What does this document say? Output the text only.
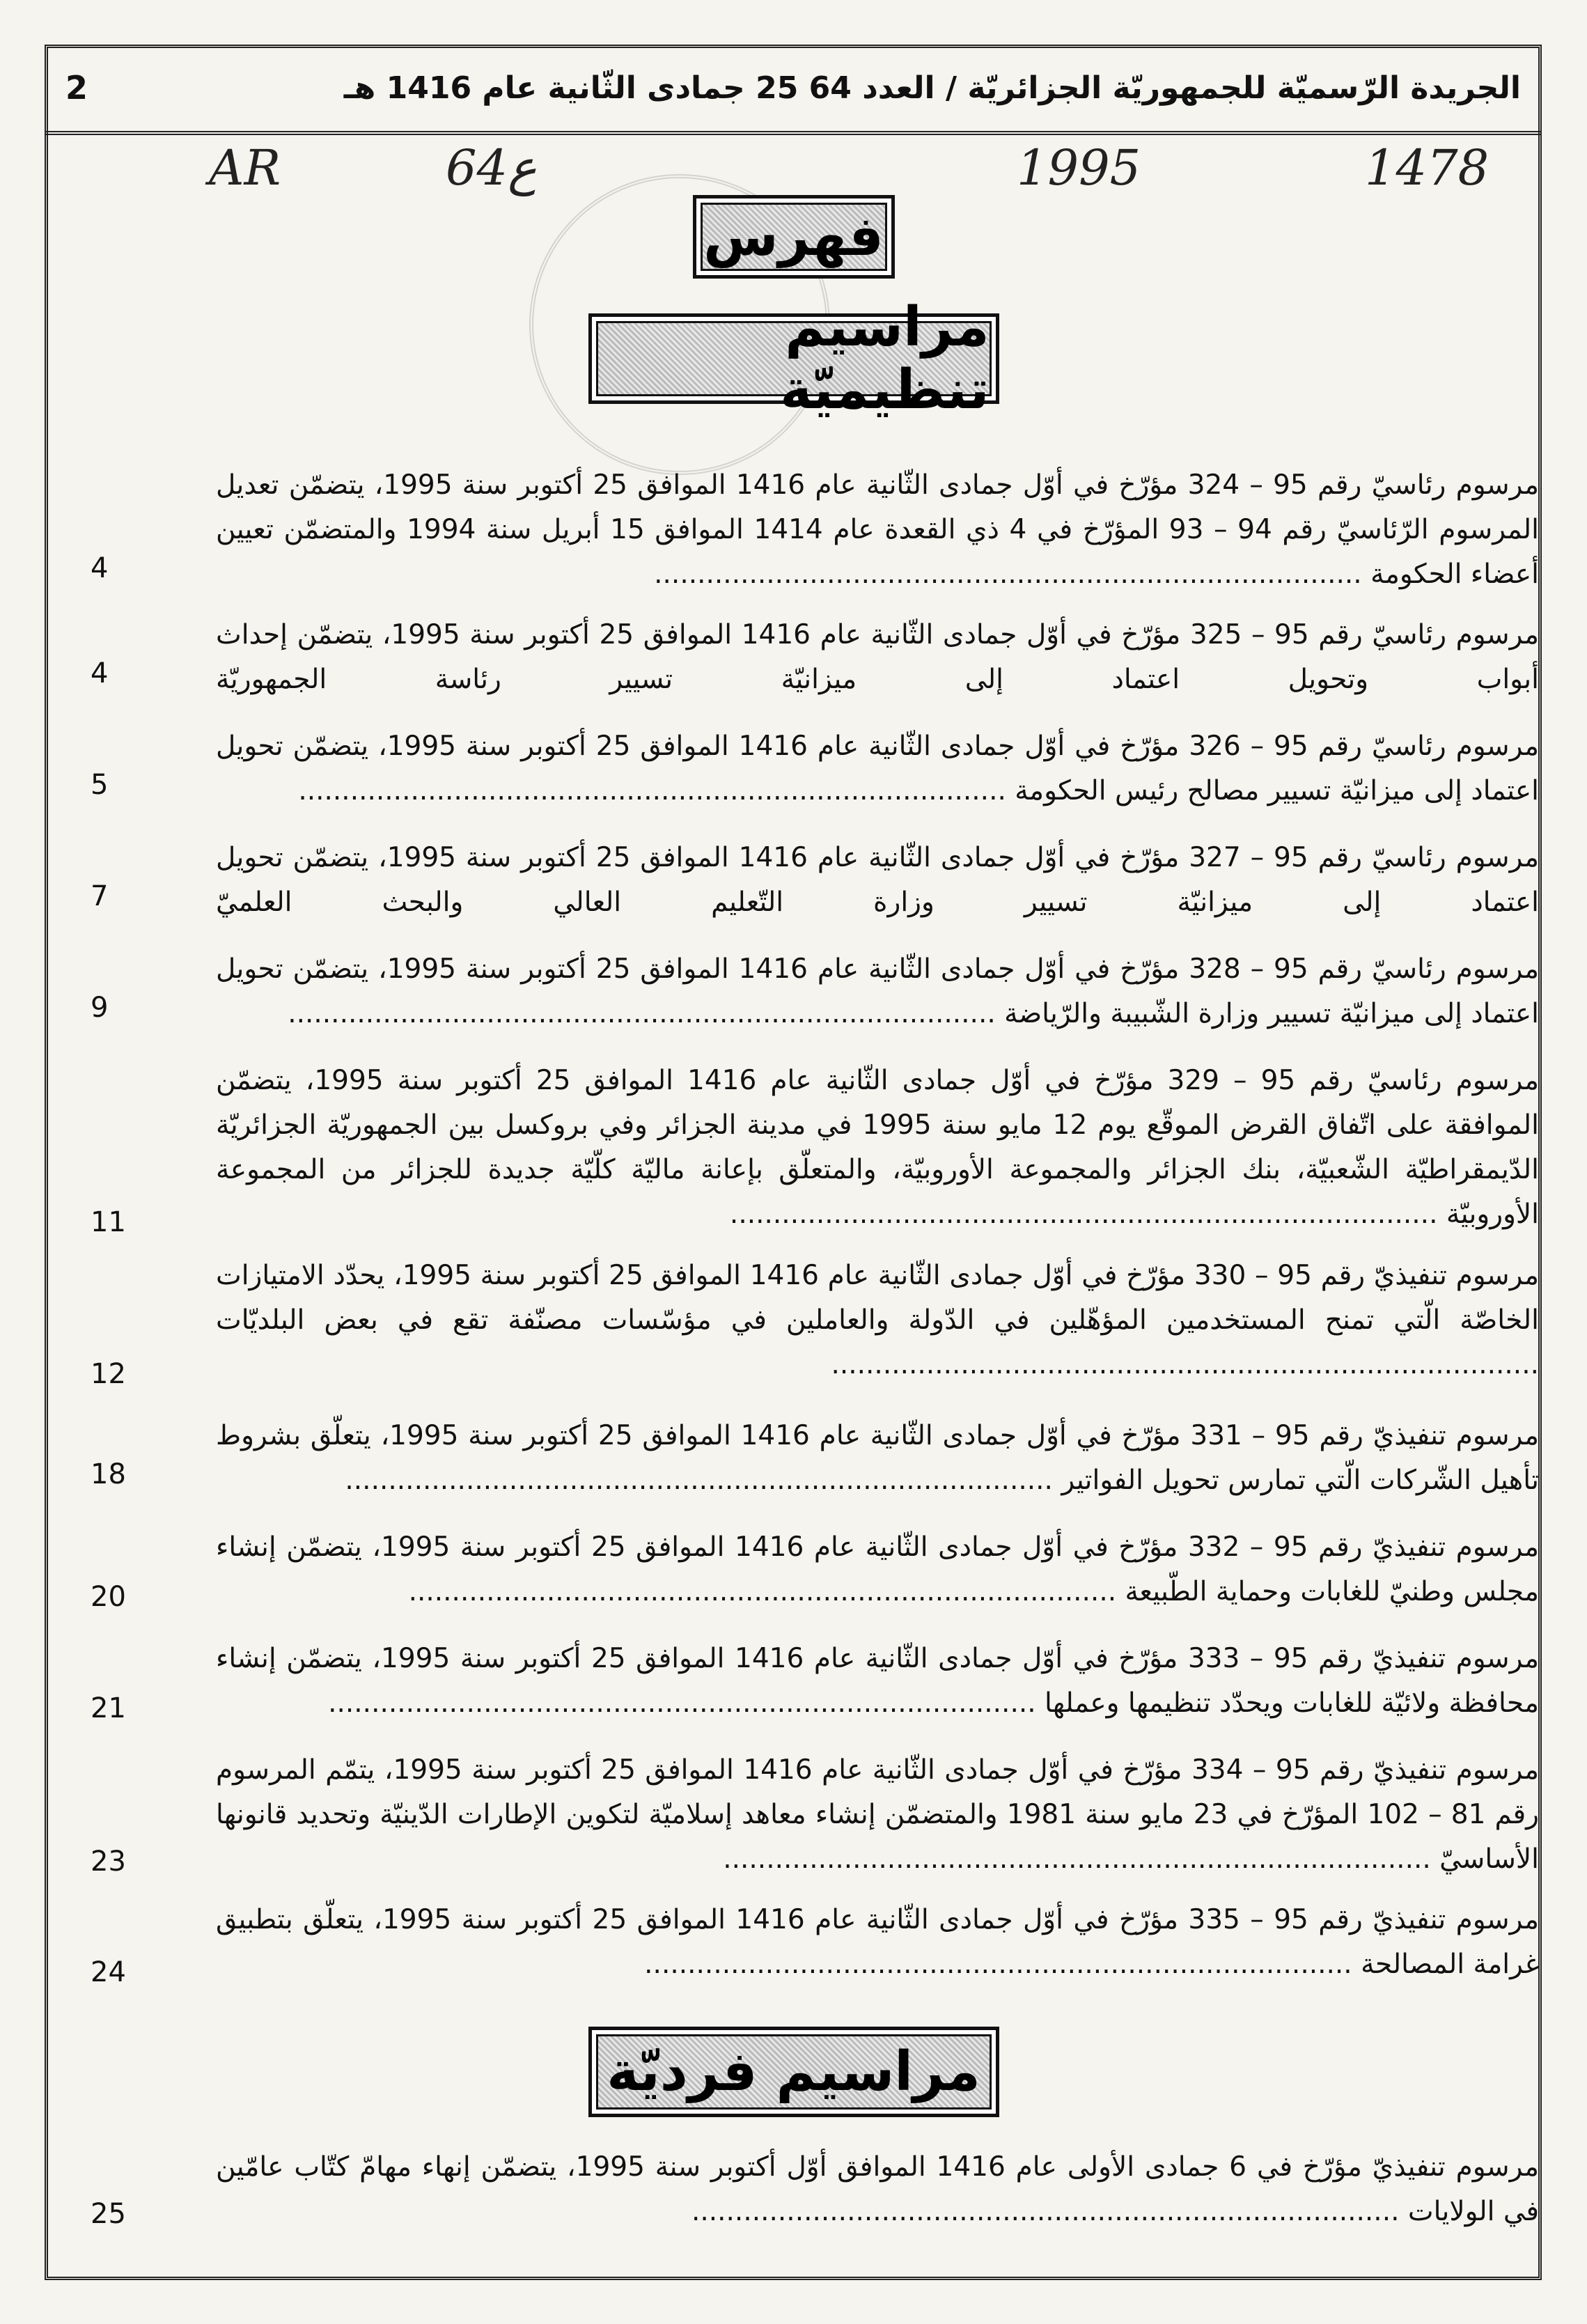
الجريدة الرّسميّة للجمهوريّة الجزائريّة / العدد 64 25 جمادى الثّانية عام 1416 هـ
2
AR	64ع	1995	1478
فهرس
مراسيم تنظيميّة
مرسوم رئاسيّ رقم 95 – 324 مؤرّخ في أوّل جمادى الثّانية عام 1416 الموافق 25 أكتوبر سنة 1995، يتضمّن تعديل المرسوم الرّئاسيّ رقم 94 – 93 المؤرّخ في 4 ذي القعدة عام 1414 الموافق 15 أبريل سنة 1994 والمتضمّن تعيين أعضاء الحكومة .....
4
مرسوم رئاسيّ رقم 95 – 325 مؤرّخ في أوّل جمادى الثّانية عام 1416 الموافق 25 أكتوبر سنة 1995، يتضمّن إحداث أبواب وتحويل اعتماد إلى ميزانيّة تسيير رئاسة الجمهوريّة .....
4
مرسوم رئاسيّ رقم 95 – 326 مؤرّخ في أوّل جمادى الثّانية عام 1416 الموافق 25 أكتوبر سنة 1995، يتضمّن تحويل اعتماد إلى ميزانيّة تسيير مصالح رئيس الحكومة .....
5
مرسوم رئاسيّ رقم 95 – 327 مؤرّخ في أوّل جمادى الثّانية عام 1416 الموافق 25 أكتوبر سنة 1995، يتضمّن تحويل اعتماد إلى ميزانيّة تسيير وزارة التّعليم العالي والبحث العلميّ .....
7
مرسوم رئاسيّ رقم 95 – 328 مؤرّخ في أوّل جمادى الثّانية عام 1416 الموافق 25 أكتوبر سنة 1995، يتضمّن تحويل اعتماد إلى ميزانيّة تسيير وزارة الشّبيبة والرّياضة .....
9
مرسوم رئاسيّ رقم 95 – 329 مؤرّخ في أوّل جمادى الثّانية عام 1416 الموافق 25 أكتوبر سنة 1995، يتضمّن الموافقة على اتّفاق القرض الموقّع يوم 12 مايو سنة 1995 في مدينة الجزائر وفي بروكسل بين الجمهوريّة الجزائريّة الدّيمقراطيّة الشّعبيّة، بنك الجزائر والمجموعة الأوروبيّة، والمتعلّق بإعانة ماليّة كلّيّة جديدة للجزائر من المجموعة الأوروبيّة .....
11
مرسوم تنفيذيّ رقم 95 – 330 مؤرّخ في أوّل جمادى الثّانية عام 1416 الموافق 25 أكتوبر سنة 1995، يحدّد الامتيازات الخاصّة الّتي تمنح المستخدمين المؤهّلين في الدّولة والعاملين في مؤسّسات مصنّفة تقع في بعض البلديّات .....
12
مرسوم تنفيذيّ رقم 95 – 331 مؤرّخ في أوّل جمادى الثّانية عام 1416 الموافق 25 أكتوبر سنة 1995، يتعلّق بشروط تأهيل الشّركات الّتي تمارس تحويل الفواتير .....
18
مرسوم تنفيذيّ رقم 95 – 332 مؤرّخ في أوّل جمادى الثّانية عام 1416 الموافق 25 أكتوبر سنة 1995، يتضمّن إنشاء مجلس وطنيّ للغابات وحماية الطّبيعة .....
20
مرسوم تنفيذيّ رقم 95 – 333 مؤرّخ في أوّل جمادى الثّانية عام 1416 الموافق 25 أكتوبر سنة 1995، يتضمّن إنشاء محافظة ولائيّة للغابات ويحدّد تنظيمها وعملها .....
21
مرسوم تنفيذيّ رقم 95 – 334 مؤرّخ في أوّل جمادى الثّانية عام 1416 الموافق 25 أكتوبر سنة 1995، يتمّم المرسوم رقم 81 – 102 المؤرّخ في 23 مايو سنة 1981 والمتضمّن إنشاء معاهد إسلاميّة لتكوين الإطارات الدّينيّة وتحديد قانونها الأساسيّ .....
23
مرسوم تنفيذيّ رقم 95 – 335 مؤرّخ في أوّل جمادى الثّانية عام 1416 الموافق 25 أكتوبر سنة 1995، يتعلّق بتطبيق غرامة المصالحة .....
24
مراسيم فرديّة
مرسوم تنفيذيّ مؤرّخ في 6 جمادى الأولى عام 1416 الموافق أوّل أكتوبر سنة 1995، يتضمّن إنهاء مهامّ كتّاب عامّين في الولايات .....
25
